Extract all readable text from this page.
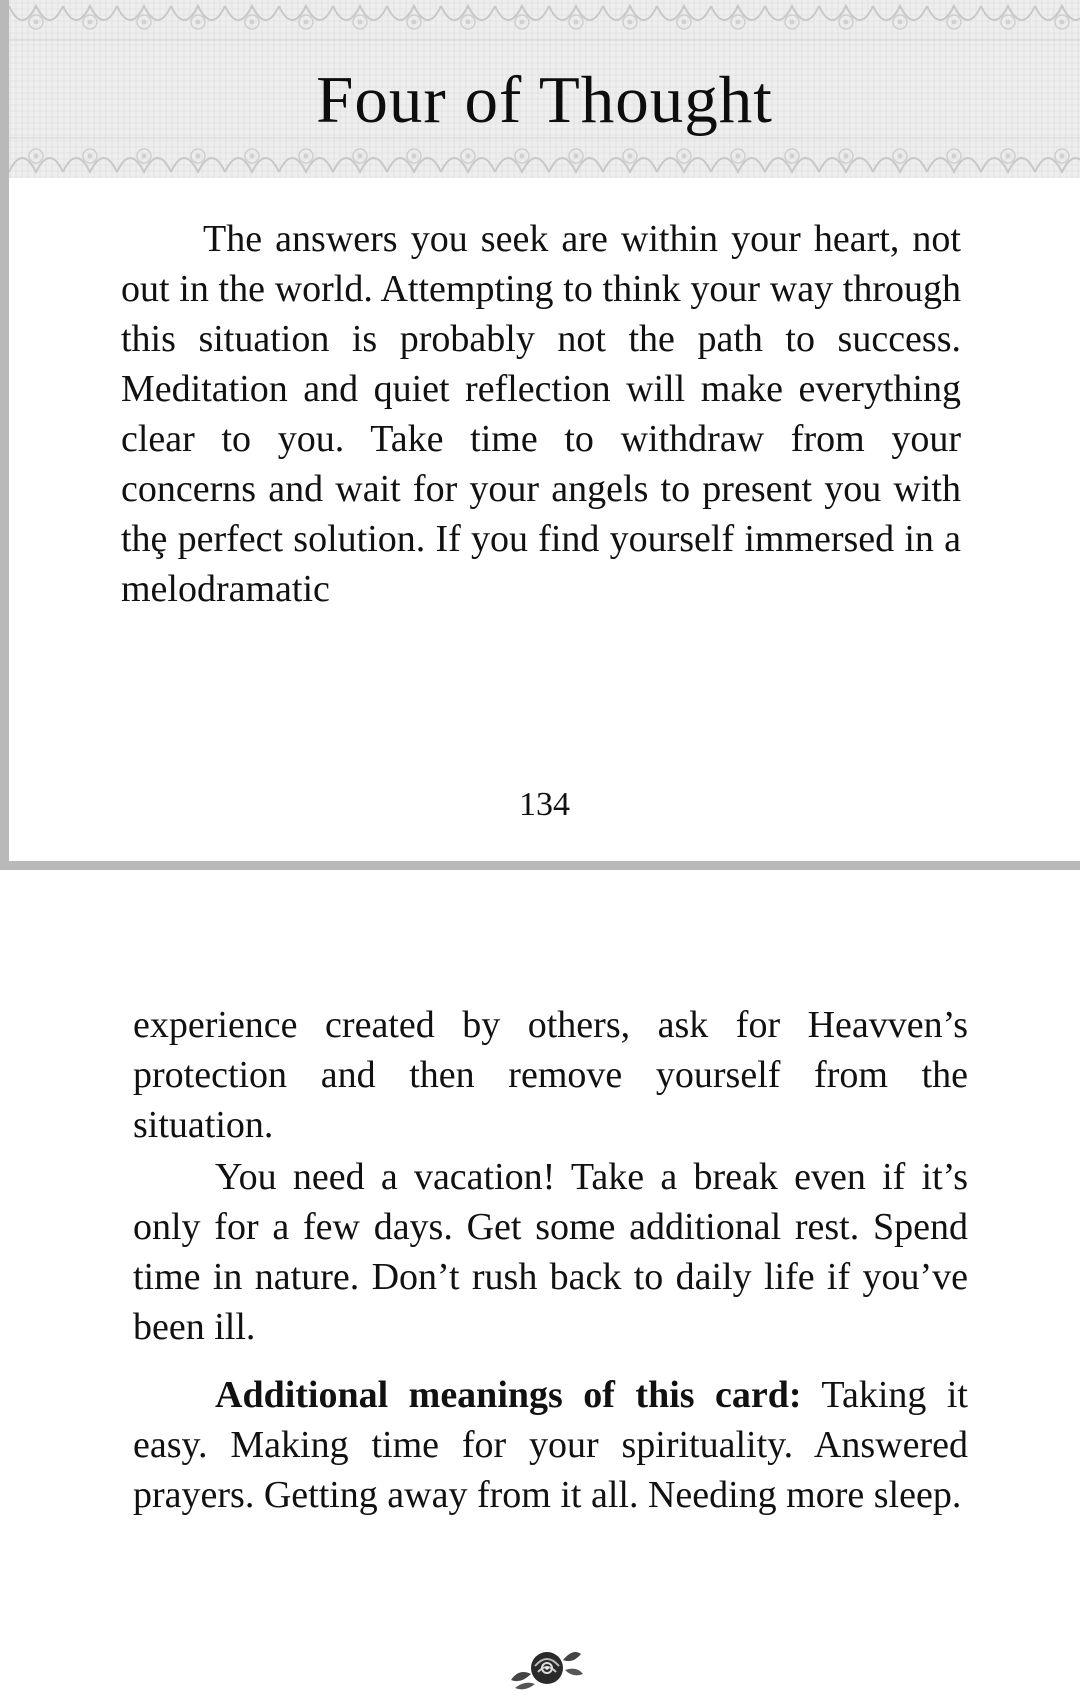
Four of Thought

The answers you seek are within your heart, not out in the world. Attempting to think your way through this situation is probably not the path to success. Meditation and quiet reflection will make everything clear to you. Take time to withdraw from your concerns and wait for your angels to present you with thȩ perfect solution. If you find yourself immersed in a melodramatic

134

experience created by others, ask for Heavven’s protection and then remove yourself from the situation.

You need a vacation! Take a break even if it’s only for a few days. Get some additional rest. Spend time in nature. Don’t rush back to daily life if you’ve been ill.

Additional meanings of this card: Taking it easy. Making time for your spirituality. Answered prayers. Getting away from it all. Needing more sleep.
